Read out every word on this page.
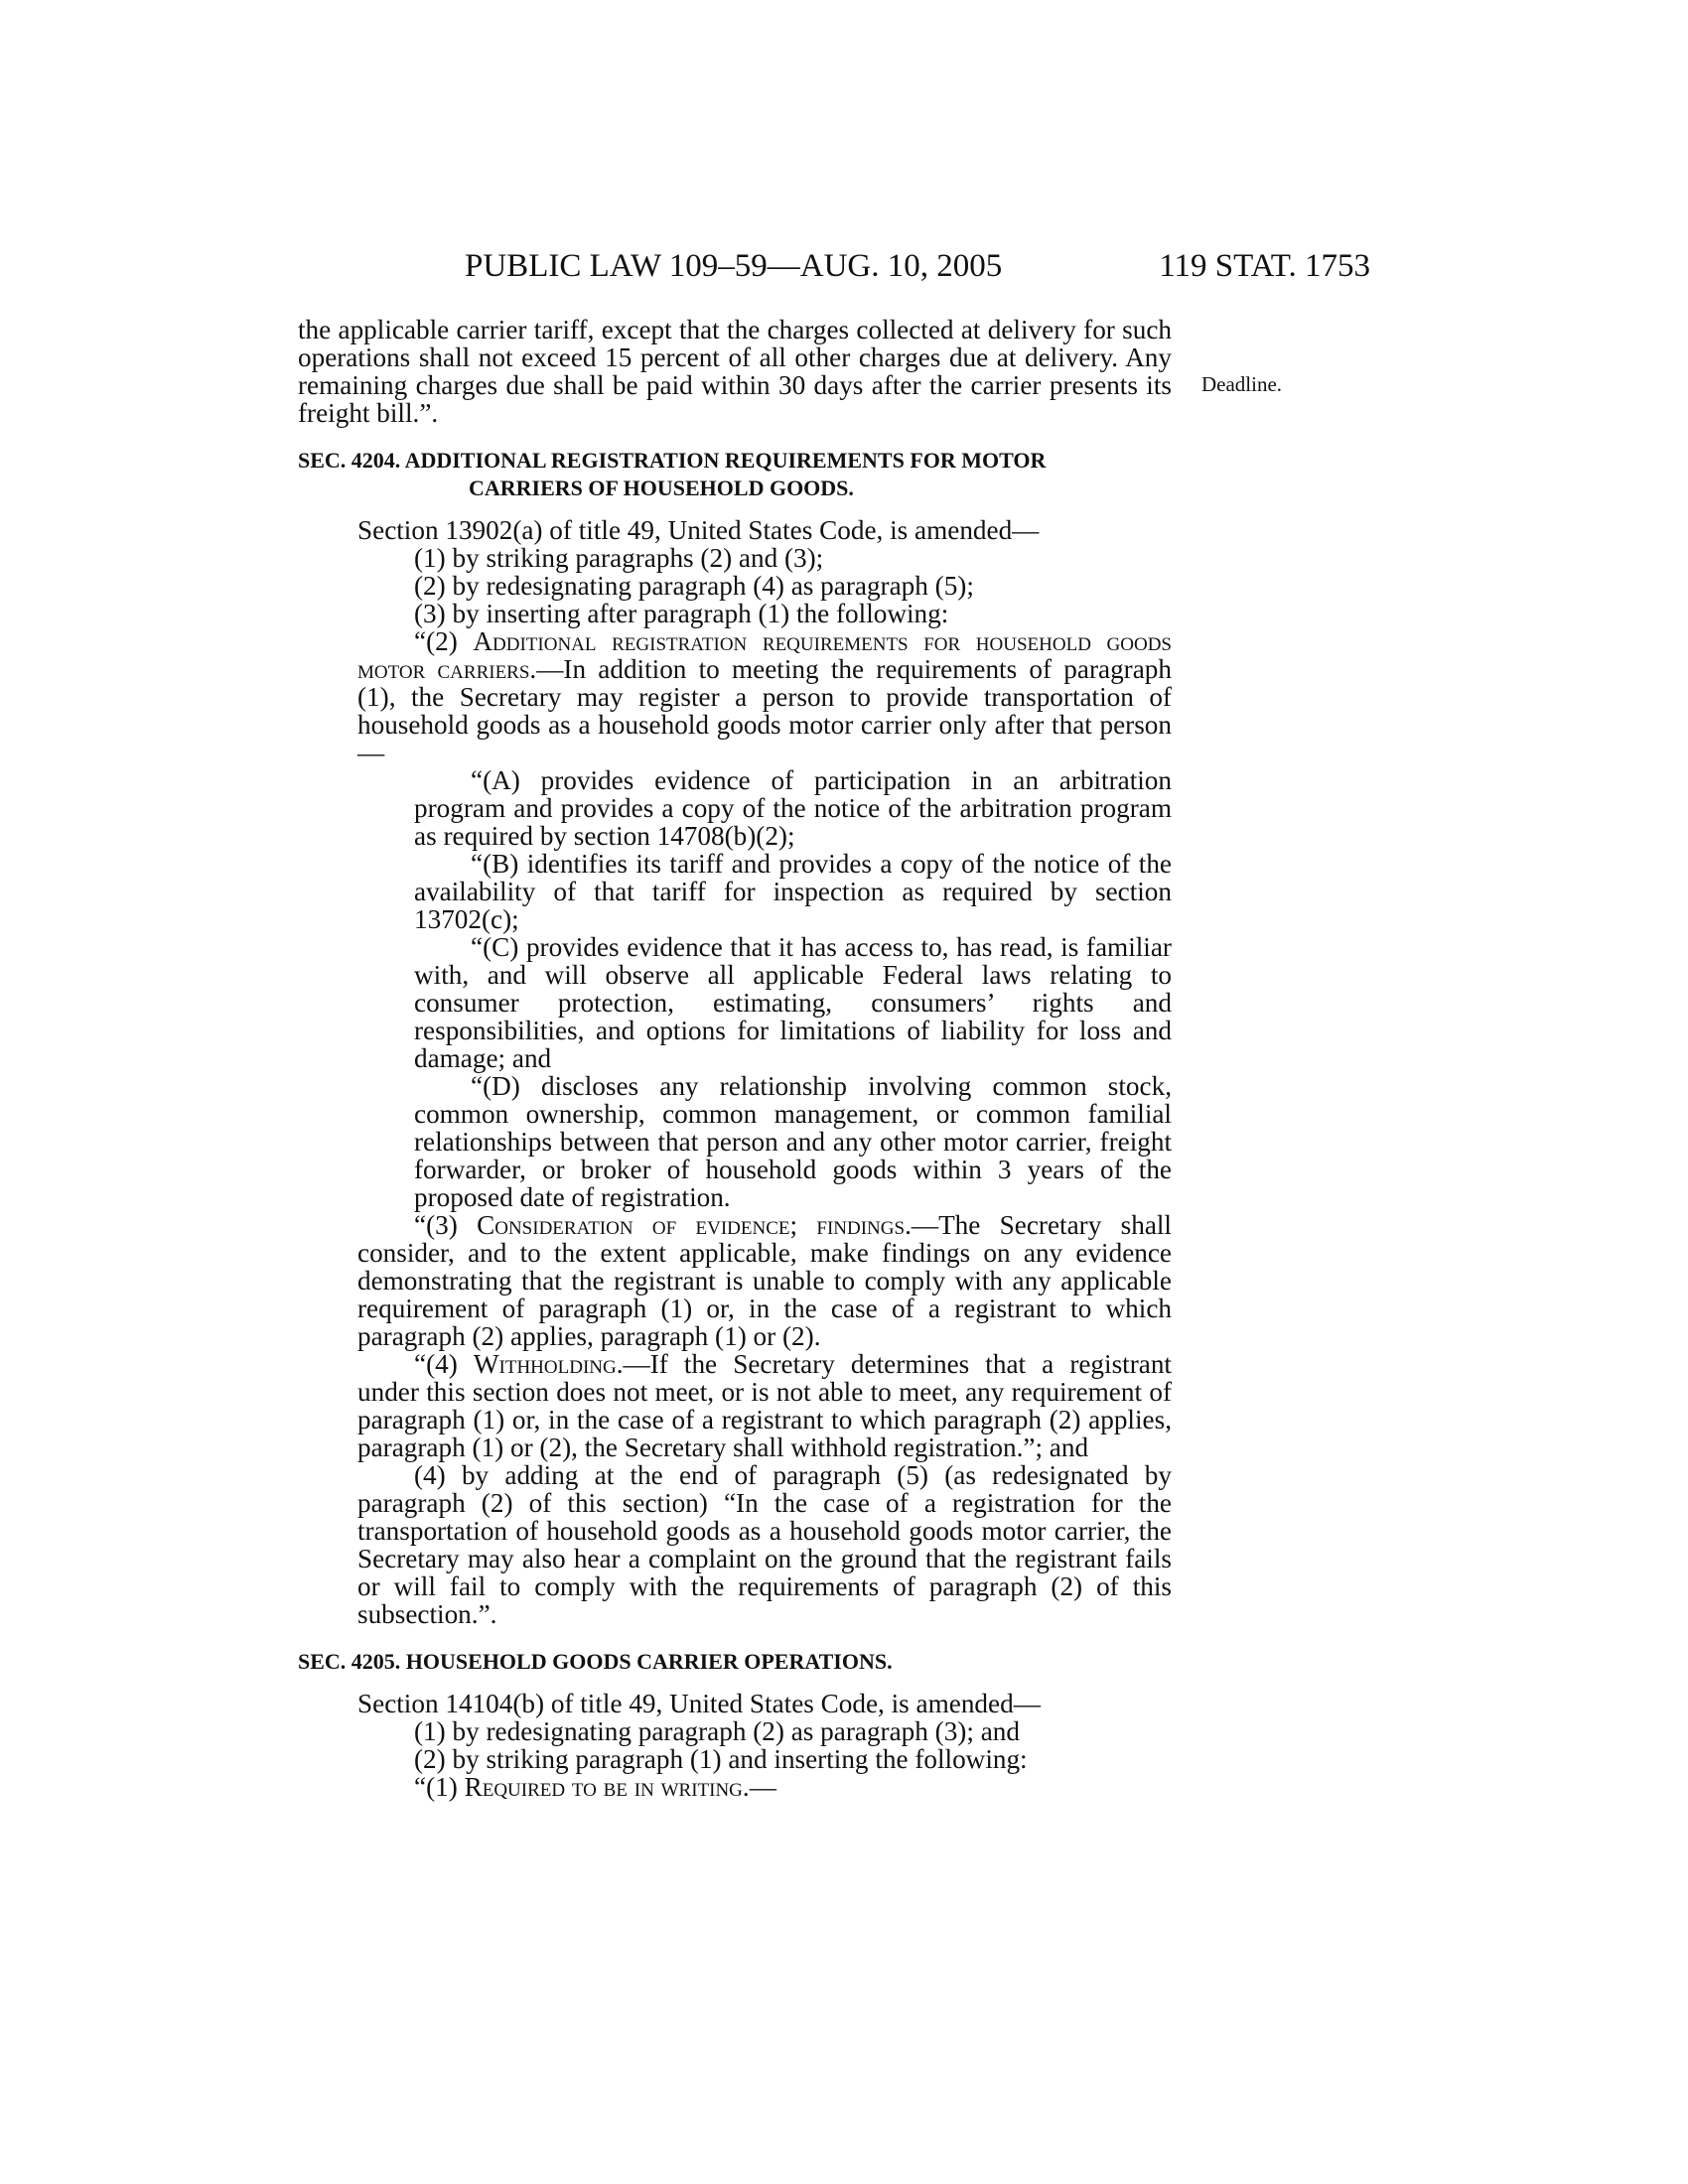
PUBLIC LAW 109–59—AUG. 10, 2005	119 STAT. 1753
Deadline.

the applicable carrier tariff, except that the charges collected at delivery for such operations shall not exceed 15 percent of all other charges due at delivery. Any remaining charges due shall be paid within 30 days after the carrier presents its freight bill.”.

SEC. 4204. ADDITIONAL REGISTRATION REQUIREMENTS FOR MOTOR
CARRIERS OF HOUSEHOLD GOODS.

Section 13902(a) of title 49, United States Code, is amended—

(1) by striking paragraphs (2) and (3);

(2) by redesignating paragraph (4) as paragraph (5);

(3) by inserting after paragraph (1) the following:

“(2) Additional registration requirements for household goods motor carriers.—In addition to meeting the requirements of paragraph (1), the Secretary may register a person to provide transportation of household goods as a household goods motor carrier only after that person—

“(A) provides evidence of participation in an arbitration program and provides a copy of the notice of the arbitration program as required by section 14708(b)(2);

“(B) identifies its tariff and provides a copy of the notice of the availability of that tariff for inspection as required by section 13702(c);

“(C) provides evidence that it has access to, has read, is familiar with, and will observe all applicable Federal laws relating to consumer protection, estimating, consumers’ rights and responsibilities, and options for limitations of liability for loss and damage; and

“(D) discloses any relationship involving common stock, common ownership, common management, or common familial relationships between that person and any other motor carrier, freight forwarder, or broker of household goods within 3 years of the proposed date of registration.

“(3) Consideration of evidence; findings.—The Secretary shall consider, and to the extent applicable, make findings on any evidence demonstrating that the registrant is unable to comply with any applicable requirement of paragraph (1) or, in the case of a registrant to which paragraph (2) applies, paragraph (1) or (2).

“(4) Withholding.—If the Secretary determines that a registrant under this section does not meet, or is not able to meet, any requirement of paragraph (1) or, in the case of a registrant to which paragraph (2) applies, paragraph (1) or (2), the Secretary shall withhold registration.”; and

(4) by adding at the end of paragraph (5) (as redesignated by paragraph (2) of this section) “In the case of a registration for the transportation of household goods as a household goods motor carrier, the Secretary may also hear a complaint on the ground that the registrant fails or will fail to comply with the requirements of paragraph (2) of this subsection.”.

SEC. 4205. HOUSEHOLD GOODS CARRIER OPERATIONS.

Section 14104(b) of title 49, United States Code, is amended—

(1) by redesignating paragraph (2) as paragraph (3); and

(2) by striking paragraph (1) and inserting the following:

“(1) Required to be in writing.—
